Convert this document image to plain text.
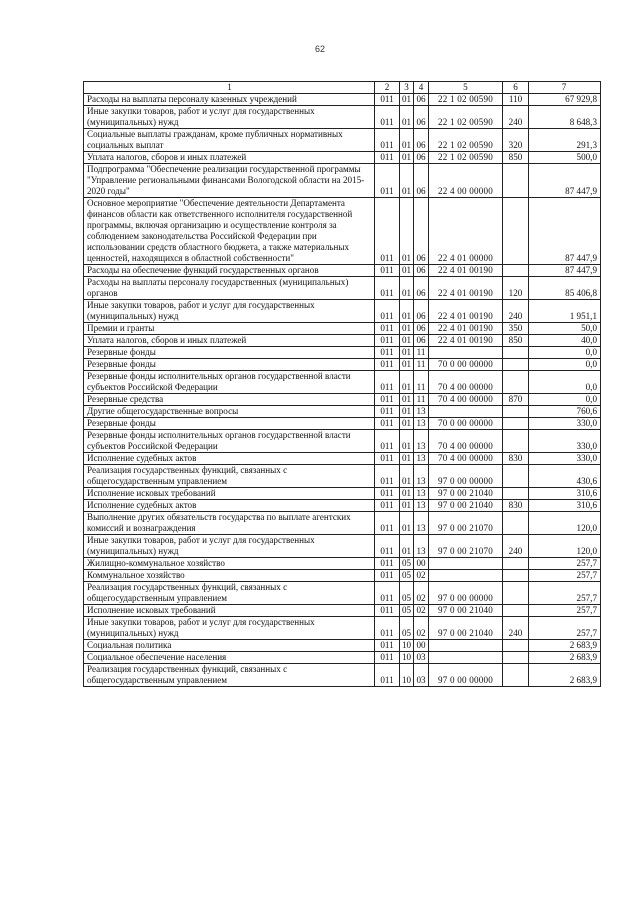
62
1	2	3	4	5	6	7
Расходы на выплаты персоналу казенных учреждений	011	01	06	22 1 02 00590	110	67 929,8
Иные закупки товаров, работ и услуг для государственных (муниципальных) нужд	011	01	06	22 1 02 00590	240	8 648,3
Социальные выплаты гражданам, кроме публичных нормативных социальных выплат	011	01	06	22 1 02 00590	320	291,3
Уплата налогов, сборов и иных платежей	011	01	06	22 1 02 00590	850	500,0
Подпрограмма "Обеспечение реализации государственной программы "Управление региональными финансами Вологодской области на 2015-2020 годы"	011	01	06	22 4 00 00000		87 447,9
Основное мероприятие "Обеспечение деятельности Департамента финансов области как ответственного исполнителя государственной программы, включая организацию и осуществление контроля за соблюдением законодательства Российской Федерации при использовании средств областного бюджета, а также материальных ценностей, находящихся в областной собственности"	011	01	06	22 4 01 00000		87 447,9
Расходы на обеспечение функций государственных органов	011	01	06	22 4 01 00190		87 447,9
Расходы на выплаты персоналу государственных (муниципальных) органов	011	01	06	22 4 01 00190	120	85 406,8
Иные закупки товаров, работ и услуг для государственных (муниципальных) нужд	011	01	06	22 4 01 00190	240	1 951,1
Премии и гранты	011	01	06	22 4 01 00190	350	50,0
Уплата налогов, сборов и иных платежей	011	01	06	22 4 01 00190	850	40,0
Резервные фонды	011	01	11			0,0
Резервные фонды	011	01	11	70 0 00 00000		0,0
Резервные фонды исполнительных органов государственной власти субъектов Российской Федерации	011	01	11	70 4 00 00000		0,0
Резервные средства	011	01	11	70 4 00 00000	870	0,0
Другие общегосударственные вопросы	011	01	13			760,6
Резервные фонды	011	01	13	70 0 00 00000		330,0
Резервные фонды исполнительных органов государственной власти субъектов Российской Федерации	011	01	13	70 4 00 00000		330,0
Исполнение судебных актов	011	01	13	70 4 00 00000	830	330,0
Реализация государственных функций, связанных с общегосударственным управлением	011	01	13	97 0 00 00000		430,6
Исполнение исковых требований	011	01	13	97 0 00 21040		310,6
Исполнение судебных актов	011	01	13	97 0 00 21040	830	310,6
Выполнение других обязательств государства по выплате агентских комиссий и вознаграждения	011	01	13	97 0 00 21070		120,0
Иные закупки товаров, работ и услуг для государственных (муниципальных) нужд	011	01	13	97 0 00 21070	240	120,0
Жилищно-коммунальное хозяйство	011	05	00			257,7
Коммунальное хозяйство	011	05	02			257,7
Реализация государственных функций, связанных с общегосударственным управлением	011	05	02	97 0 00 00000		257,7
Исполнение исковых требований	011	05	02	97 0 00 21040		257,7
Иные закупки товаров, работ и услуг для государственных (муниципальных) нужд	011	05	02	97 0 00 21040	240	257,7
Социальная политика	011	10	00			2 683,9
Социальное обеспечение населения	011	10	03			2 683,9
Реализация государственных функций, связанных с общегосударственным управлением	011	10	03	97 0 00 00000		2 683,9
